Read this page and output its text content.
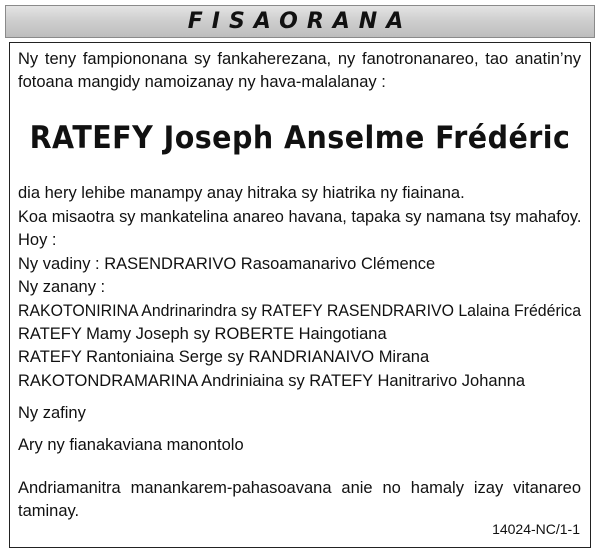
FISAORANA
Ny teny fampiononana sy fankaherezana, ny fanotronanareo, tao anatin’ny
fotoana mangidy namoizanay ny hava-malalanay :
RATEFY Joseph Anselme Frédéric
dia hery lehibe manampy anay hitraka sy hiatrika ny fiainana.
Koa misaotra sy mankatelina anareo havana, tapaka sy namana tsy mahafoy.
Hoy :
Ny vadiny : RASENDRARIVO Rasoamanarivo Clémence
Ny zanany :
RAKOTONIRINA Andrinarindra sy RATEFY RASENDRARIVO Lalaina Frédérica
RATEFY Mamy Joseph sy ROBERTE Haingotiana
RATEFY Rantoniaina Serge sy RANDRIANAIVO Mirana
RAKOTONDRAMARINA Andriniaina sy RATEFY Hanitrarivo Johanna
Ny zafiny
Ary ny fianakaviana manontolo
Andriamanitra manankarem-pahasoavana anie no hamaly izay vitanareo
taminay.
14024-NC/1-1
